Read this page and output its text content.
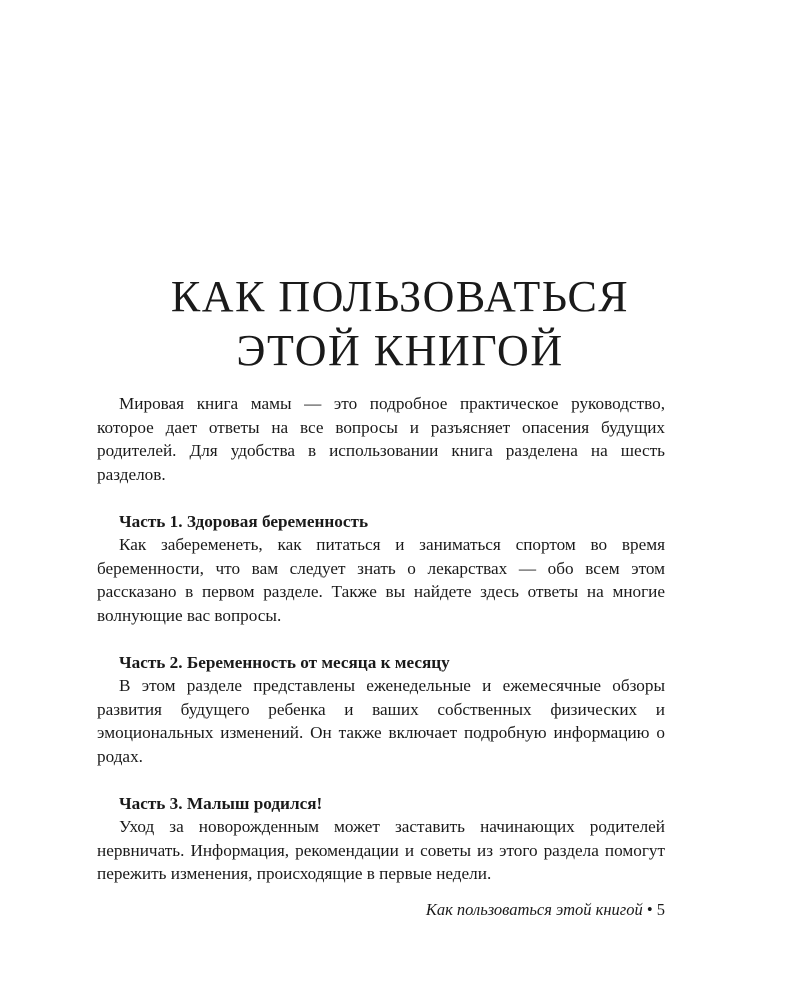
КАК ПОЛЬЗОВАТЬСЯ
ЭТОЙ КНИГОЙ

Мировая книга мамы — это подробное практическое руководство, которое дает ответы на все вопросы и разъясняет опасения будущих родителей. Для удобства в использовании книга разделена на шесть разделов.

Часть 1. Здоровая беременность

Как забеременеть, как питаться и заниматься спортом во время беременности, что вам следует знать о лекарствах — обо всем этом рассказано в первом разделе. Также вы найдете здесь ответы на многие волнующие вас вопросы.

Часть 2. Беременность от месяца к месяцу

В этом разделе представлены еженедельные и ежемесячные обзоры развития будущего ребенка и ваших собственных физических и эмоциональных изменений. Он также включает подробную информацию о родах.

Часть 3. Малыш родился!

Уход за новорожденным может заставить начинающих родителей нервничать. Информация, рекомендации и советы из этого раздела помогут пережить изменения, происходящие в первые недели.

Как пользоваться этой книгой • 5
